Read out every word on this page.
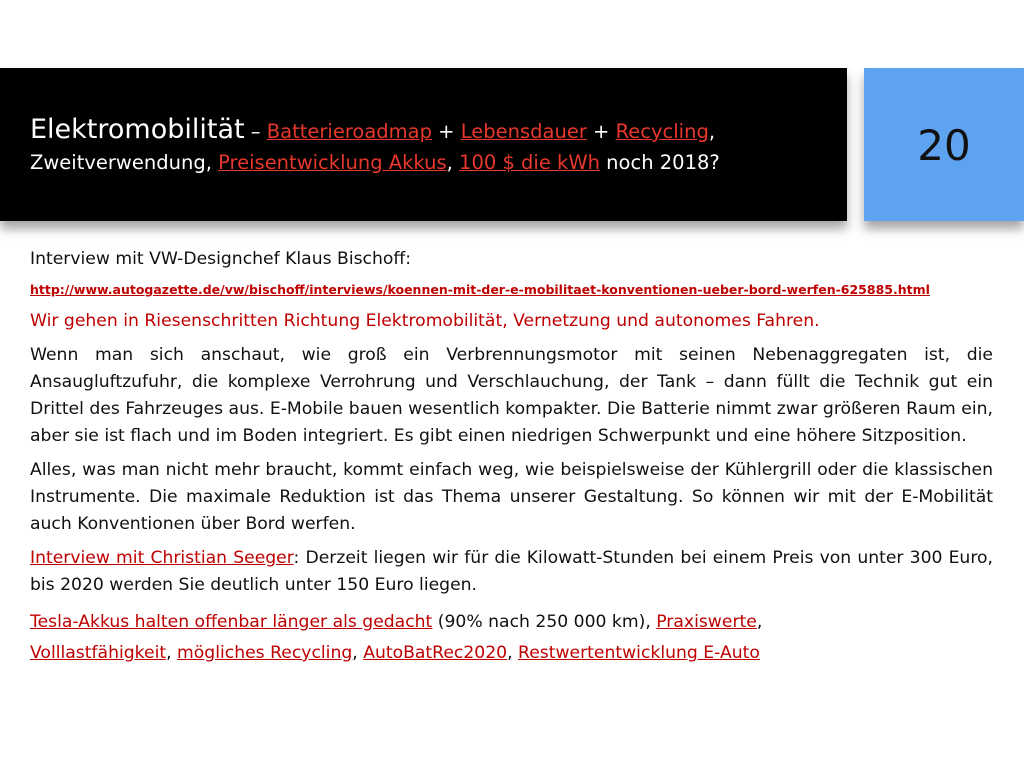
Elektromobilität – Batterieroadmap + Lebensdauer + Recycling,
Zweitverwendung, Preisentwicklung Akkus, 100 $ die kWh noch 2018?	20

Interview mit VW-Designchef Klaus Bischoff:

http://www.autogazette.de/vw/bischoff/interviews/koennen-mit-der-e-mobilitaet-konventionen-ueber-bord-werfen-625885.html

Wir gehen in Riesenschritten Richtung Elektromobilität, Vernetzung und autonomes Fahren.

Wenn man sich anschaut, wie groß ein Verbrennungsmotor mit seinen Nebenaggregaten ist, die Ansaugluftzufuhr, die komplexe Verrohrung und Verschlauchung, der Tank – dann füllt die Technik gut ein Drittel des Fahrzeuges aus. E-Mobile bauen wesentlich kompakter. Die Batterie nimmt zwar größeren Raum ein, aber sie ist flach und im Boden integriert. Es gibt einen niedrigen Schwerpunkt und eine höhere Sitzposition.

Alles, was man nicht mehr braucht, kommt einfach weg, wie beispielsweise der Kühlergrill oder die klassischen Instrumente. Die maximale Reduktion ist das Thema unserer Gestaltung. So können wir mit der E-Mobilität auch Konventionen über Bord werfen.

Interview mit Christian Seeger: Derzeit liegen wir für die Kilowatt-Stunden bei einem Preis von unter 300 Euro, bis 2020 werden Sie deutlich unter 150 Euro liegen.

Tesla-Akkus halten offenbar länger als gedacht (90% nach 250 000 km), Praxiswerte,

Volllastfähigkeit, mögliches Recycling, AutoBatRec2020, Restwertentwicklung E-Auto
